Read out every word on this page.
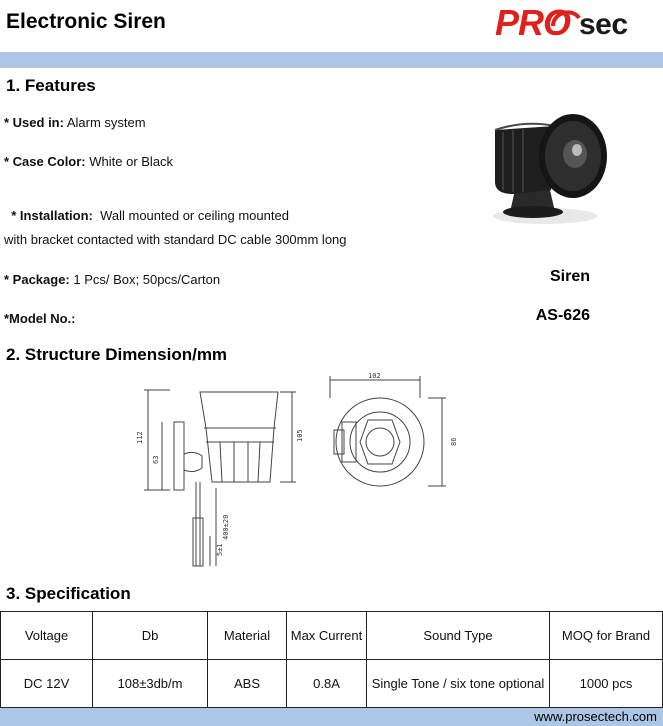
Electronic Siren	PRO sec
1. Features
* Used in: Alarm system
* Case Color: White or Black

* Installation:  Wall mounted or ceiling mounted

with bracket contacted with standard DC cable 300mm long
* Package: 1 Pcs/ Box; 50pcs/Carton
*Model No.:
Siren
AS-626
2. Structure Dimension/mm
112
63
105
400±20
5±1
102
86
3. Specification
Voltage	Db	Material	Max Current	Sound Type	MOQ for Brand
DC 12V	108±3db/m	ABS	0.8A	Single Tone / six tone optional	1000 pcs
www.prosectech.com
